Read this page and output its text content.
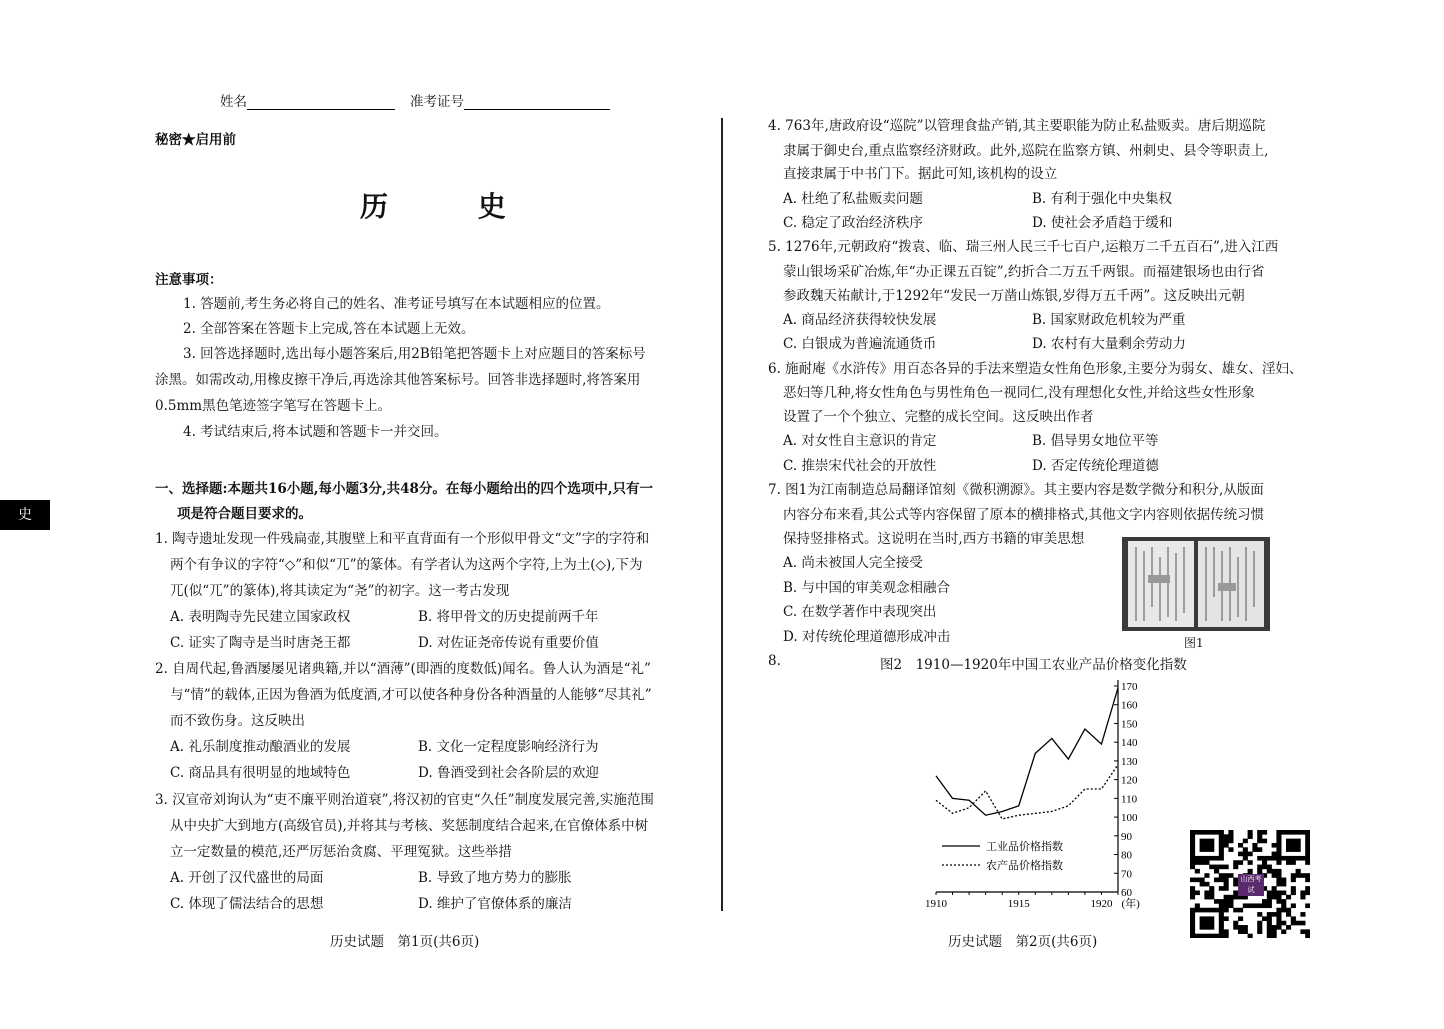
姓名	准考证号
秘密★启用前
历 史
史
注意事项：
1. 答题前,考生务必将自己的姓名、准考证号填写在本试题相应的位置。
2. 全部答案在答题卡上完成,答在本试题上无效。
3. 回答选择题时,选出每小题答案后,用2B铅笔把答题卡上对应题目的答案标号
涂黑。如需改动,用橡皮擦干净后,再选涂其他答案标号。回答非选择题时,将答案用
0.5mm黑色笔迹签字笔写在答题卡上。
4. 考试结束后,将本试题和答题卡一并交回。
一、选择题:本题共16小题,每小题3分,共48分。在每小题给出的四个选项中,只有一
项是符合题目要求的。
1. 陶寺遗址发现一件残扁壶,其腹壁上和平直背面有一个形似甲骨文“文”字的字符和
两个有争议的字符“◇”和似“兀”的篆体。有学者认为这两个字符,上为土(◇),下为
兀(似“兀”的篆体),将其读定为“尧”的初字。这一考古发现
A. 表明陶寺先民建立国家政权	B. 将甲骨文的历史提前两千年
C. 证实了陶寺是当时唐尧王都	D. 对佐证尧帝传说有重要价值
2. 自周代起,鲁酒屡屡见诸典籍,并以“酒薄”(即酒的度数低)闻名。鲁人认为酒是“礼”
与“情”的载体,正因为鲁酒为低度酒,才可以使各种身份各种酒量的人能够“尽其礼”
而不致伤身。这反映出
A. 礼乐制度推动酿酒业的发展	B. 文化一定程度影响经济行为
C. 商品具有很明显的地域特色	D. 鲁酒受到社会各阶层的欢迎
3. 汉宣帝刘询认为“吏不廉平则治道衰”,将汉初的官吏“久任”制度发展完善,实施范围
从中央扩大到地方(高级官员),并将其与考核、奖惩制度结合起来,在官僚体系中树
立一定数量的模范,还严厉惩治贪腐、平理冤狱。这些举措
A. 开创了汉代盛世的局面	B. 导致了地方势力的膨胀
C. 体现了儒法结合的思想	D. 维护了官僚体系的廉洁
历史试题　第1页(共6页)
4. 763年,唐政府设“巡院”以管理食盐产销,其主要职能为防止私盐贩卖。唐后期巡院
隶属于御史台,重点监察经济财政。此外,巡院在监察方镇、州刺史、县令等职责上,
直接隶属于中书门下。据此可知,该机构的设立
A. 杜绝了私盐贩卖问题	B. 有利于强化中央集权
C. 稳定了政治经济秩序	D. 使社会矛盾趋于缓和
5. 1276年,元朝政府“拨袁、临、瑞三州人民三千七百户,运粮万二千五百石”,进入江西
蒙山银场采矿冶炼,年“办正课五百锭”,约折合二万五千两银。而福建银场也由行省
参政魏天祐献计,于1292年“发民一万凿山炼银,岁得万五千两”。这反映出元朝
A. 商品经济获得较快发展	B. 国家财政危机较为严重
C. 白银成为普遍流通货币	D. 农村有大量剩余劳动力
6. 施耐庵《水浒传》用百态各异的手法来塑造女性角色形象,主要分为弱女、雄女、淫妇、
恶妇等几种,将女性角色与男性角色一视同仁,没有理想化女性,并给这些女性形象
设置了一个个独立、完整的成长空间。这反映出作者
A. 对女性自主意识的肯定	B. 倡导男女地位平等
C. 推崇宋代社会的开放性	D. 否定传统伦理道德
7. 图1为江南制造总局翻译馆刻《微积溯源》。其主要内容是数学微分和积分,从版面
内容分布来看,其公式等内容保留了原本的横排格式,其他文字内容则依据传统习惯
保持竖排格式。这说明在当时,西方书籍的审美思想
A. 尚未被国人完全接受
B. 与中国的审美观念相融合
C. 在数学著作中表现突出
D. 对传统伦理道德形成冲击	图1
8.	图2　1910—1920年中国工农业产品价格变化指数
60
70
80
90
100
110
120
130
140
150
160
170
1910	1915	1920 (年)
工业品价格指数
农产品价格指数
山西考试
历史试题　第2页(共6页)
